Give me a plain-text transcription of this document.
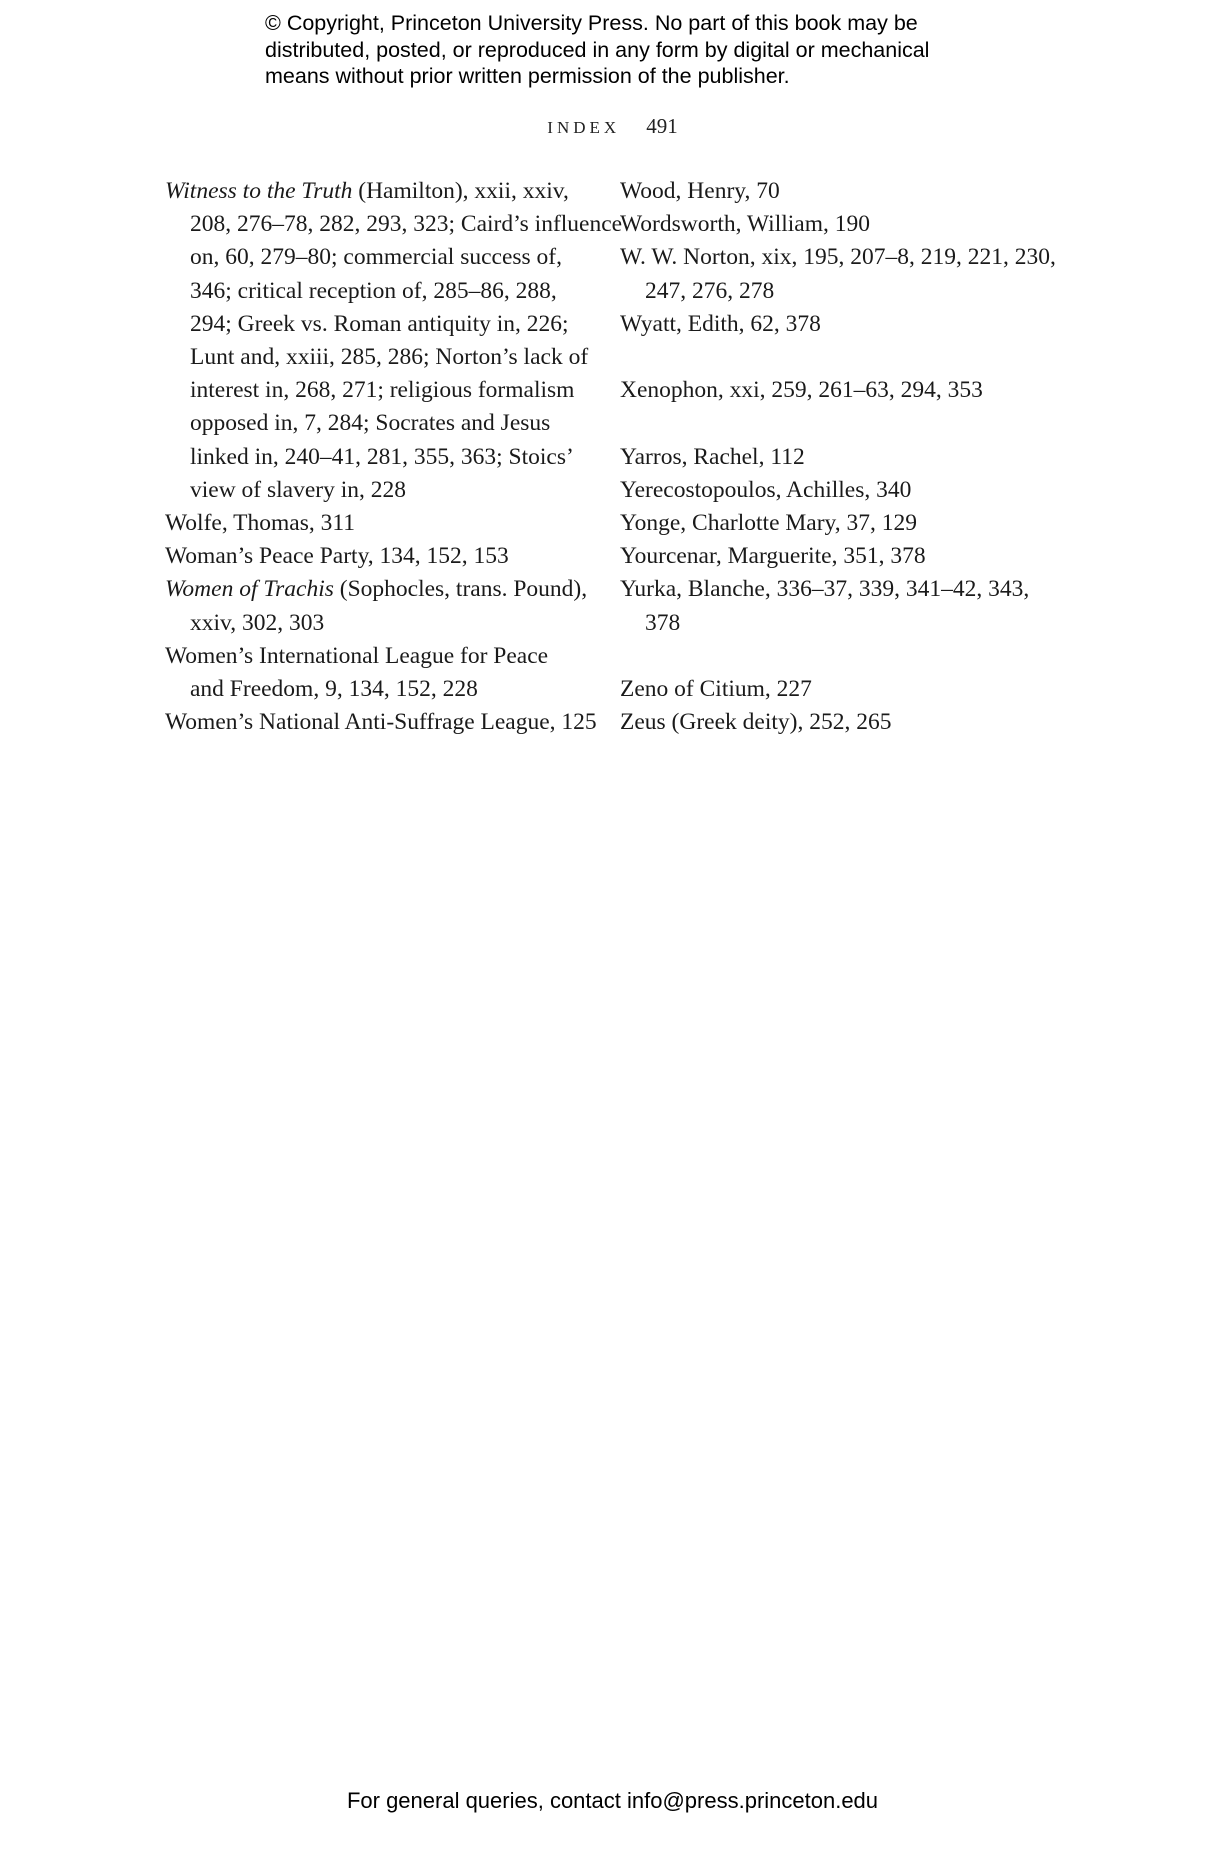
© Copyright, Princeton University Press. No part of this book may be
distributed, posted, or reproduced in any form by digital or mechanical
means without prior written permission of the publisher.
INDEX 491
Witness to the Truth (Hamilton), xxii, xxiv,
208, 276–78, 282, 293, 323; Caird’s influence
on, 60, 279–80; commercial success of,
346; critical reception of, 285–86, 288,
294; Greek vs. Roman antiquity in, 226;
Lunt and, xxiii, 285, 286; Norton’s lack of
interest in, 268, 271; religious formalism
opposed in, 7, 284; Socrates and Jesus
linked in, 240–41, 281, 355, 363; Stoics’
view of slavery in, 228
Wolfe, Thomas, 311
Woman’s Peace Party, 134, 152, 153
Women of Trachis (Sophocles, trans. Pound),
xxiv, 302, 303
Women’s International League for Peace
and Freedom, 9, 134, 152, 228
Women’s National Anti-Suffrage League, 125
Wood, Henry, 70
Wordsworth, William, 190
W. W. Norton, xix, 195, 207–8, 219, 221, 230,
247, 276, 278
Wyatt, Edith, 62, 378
Xenophon, xxi, 259, 261–63, 294, 353
Yarros, Rachel, 112
Yerecostopoulos, Achilles, 340
Yonge, Charlotte Mary, 37, 129
Yourcenar, Marguerite, 351, 378
Yurka, Blanche, 336–37, 339, 341–42, 343,
378
Zeno of Citium, 227
Zeus (Greek deity), 252, 265
For general queries, contact info@press.princeton.edu
